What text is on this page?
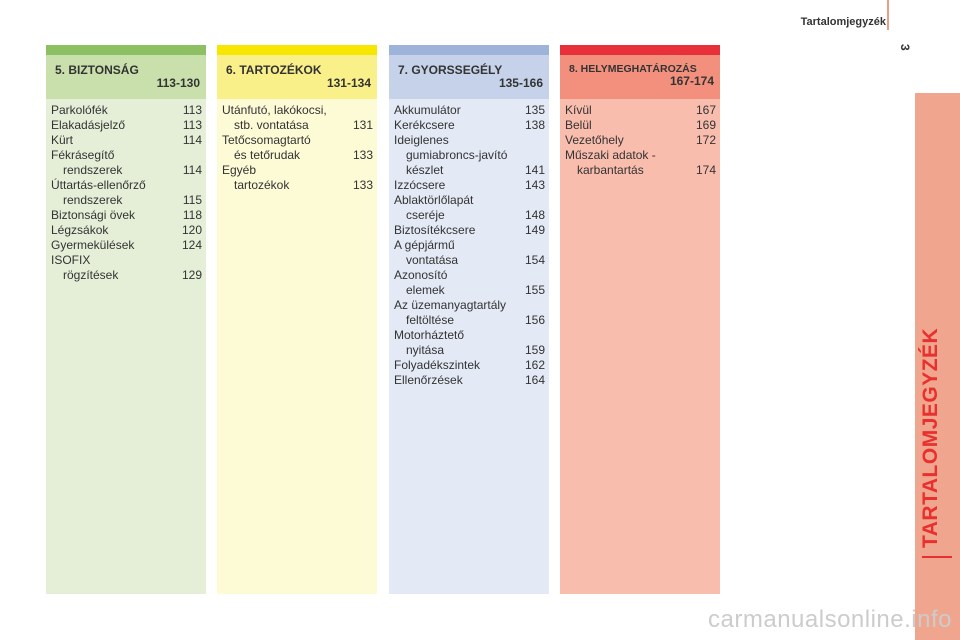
Tartalomjegyzék
3
TARTALOMJEGYZÉK
5. BIZTONSÁG
113-130
Parkolófék	113
Elakadásjelző	113
Kürt	114
Fékrásegítő
rendszerek	114
Úttartás-ellenőrző
rendszerek	115
Biztonsági övek	118
Légzsákok	120
Gyermekülések	124
ISOFIX
rögzítések	129
6. TARTOZÉKOK
131-134
Utánfutó, lakókocsi,
stb. vontatása	131
Tetőcsomagtartó
és tetőrudak	133
Egyéb
tartozékok	133
7. GYORSSEGÉLY
135-166
Akkumulátor	135
Kerékcsere	138
Ideiglenes
gumiabroncs-javító
készlet	141
Izzócsere	143
Ablaktörlőlapát
cseréje	148
Biztosítékcsere	149
A gépjármű
vontatása	154
Azonosító
elemek	155
Az üzemanyagtartály
feltöltése	156
Motorháztető
nyitása	159
Folyadékszintek	162
Ellenőrzések	164
8. HELYMEGHATÁROZÁS
167-174
Kívül	167
Belül	169
Vezetőhely	172
Műszaki adatok -
karbantartás	174
carmanualsonline.info
